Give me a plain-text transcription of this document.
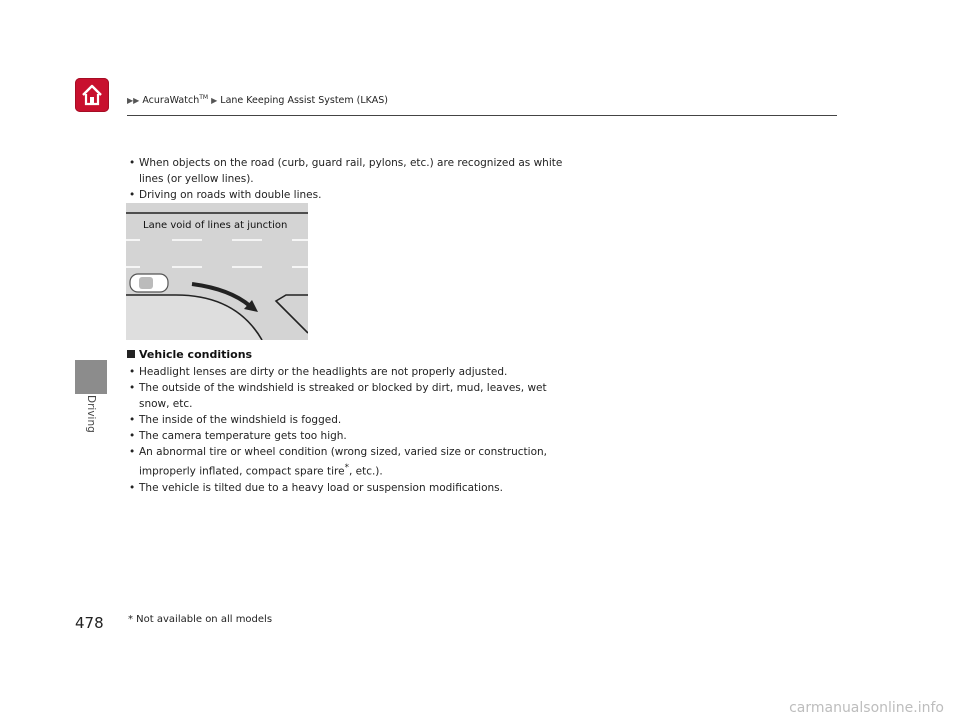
▶▶ AcuraWatch™ ▶ Lane Keeping Assist System (LKAS)
Driving
• When objects on the road (curb, guard rail, pylons, etc.) are recognized as white
lines (or yellow lines).
• Driving on roads with double lines.
Lane void of lines at junction
Vehicle conditions
• Headlight lenses are dirty or the headlights are not properly adjusted.
• The outside of the windshield is streaked or blocked by dirt, mud, leaves, wet
snow, etc.
• The inside of the windshield is fogged.
• The camera temperature gets too high.
• An abnormal tire or wheel condition (wrong sized, varied size or construction,
improperly inflated, compact spare tire*, etc.).
• The vehicle is tilted due to a heavy load or suspension modifications.
478 * Not available on all models
carmanualsonline.info
